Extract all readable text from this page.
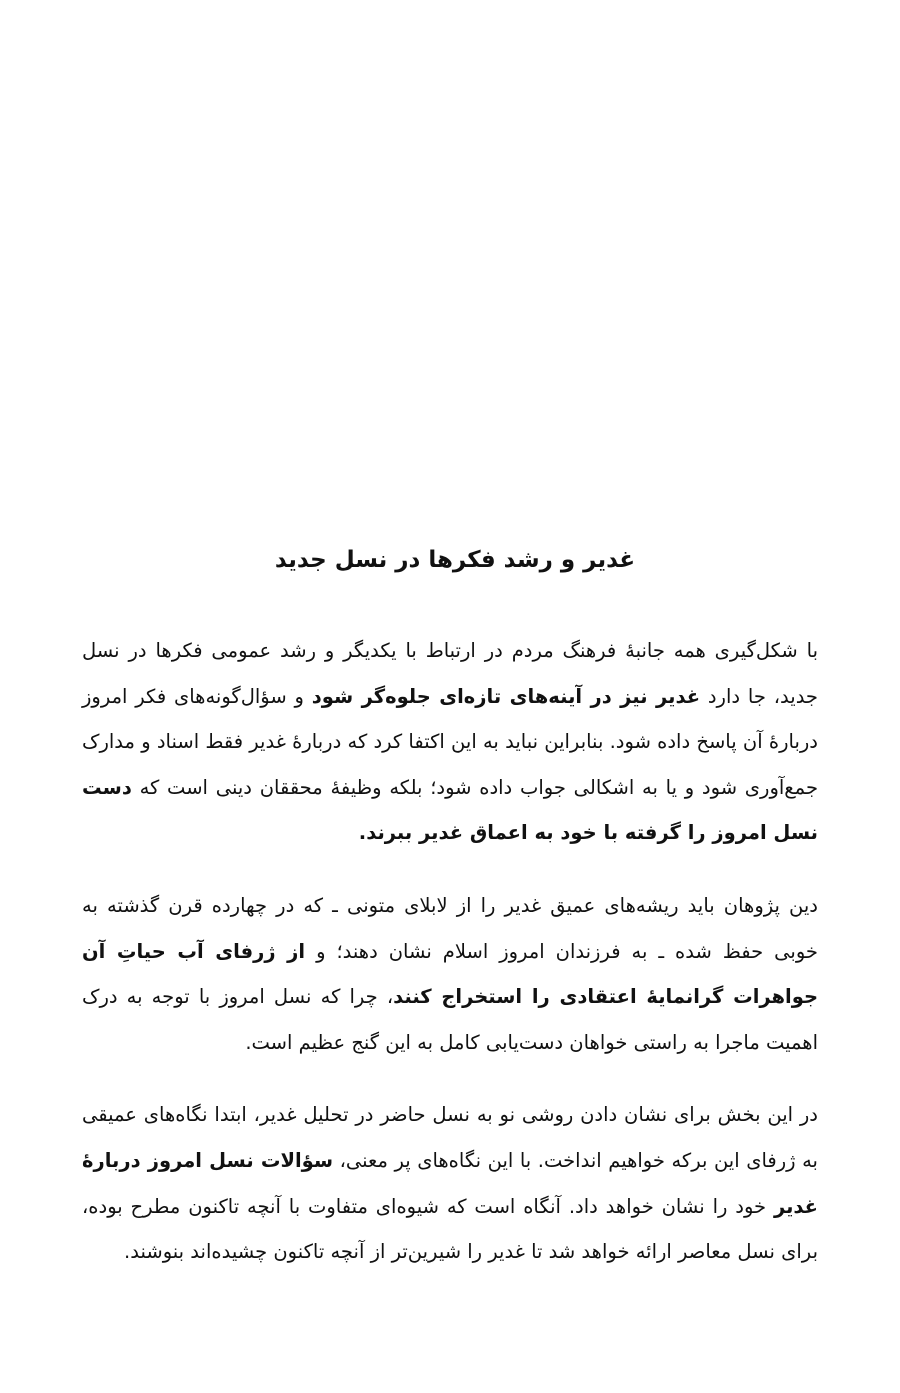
غدیر و رشد فکرها در نسل جدید

با شکل‌گیری همه جانبهٔ فرهنگ مردم در ارتباط با یکدیگر و رشد عمومی فکرها در نسل جدید، جا دارد غدیر نیز در آینه‌های تازه‌ای جلوه‌گر شود و سؤال‌گونه‌های فکر امروز دربارهٔ آن پاسخ داده شود. بنابراین نباید به این اکتفا کرد که دربارهٔ غدیر فقط اسناد و مدارک جمع‌آوری شود و یا به اشکالی جواب داده شود؛ بلکه وظیفهٔ محققان دینی است که دست نسل امروز را گرفته با خود به اعماق غدیر ببرند.

دین پژوهان باید ریشه‌های عمیق غدیر را از لابلای متونی ـ که در چهارده قرن گذشته به خوبی حفظ شده ـ به فرزندان امروز اسلام نشان دهند؛ و از ژرفای آب حیاتِ آن جواهرات گرانمایهٔ اعتقادی را استخراج کنند، چرا که نسل امروز با توجه به درک اهمیت ماجرا به راستی خواهان دست‌یابی کامل به این گنج عظیم است.

در این بخش برای نشان دادن روشی نو به نسل حاضر در تحلیل غدیر، ابتدا نگاه‌های عمیقی به ژرفای این برکه خواهیم انداخت. با این نگاه‌های پر معنی، سؤالات نسل امروز دربارهٔ غدیر خود را نشان خواهد داد. آنگاه است که شیوه‌ای متفاوت با آنچه تاکنون مطرح بوده، برای نسل معاصر ارائه خواهد شد تا غدیر را شیرین‌تر از آنچه تاکنون چشیده‌اند بنوشند.
